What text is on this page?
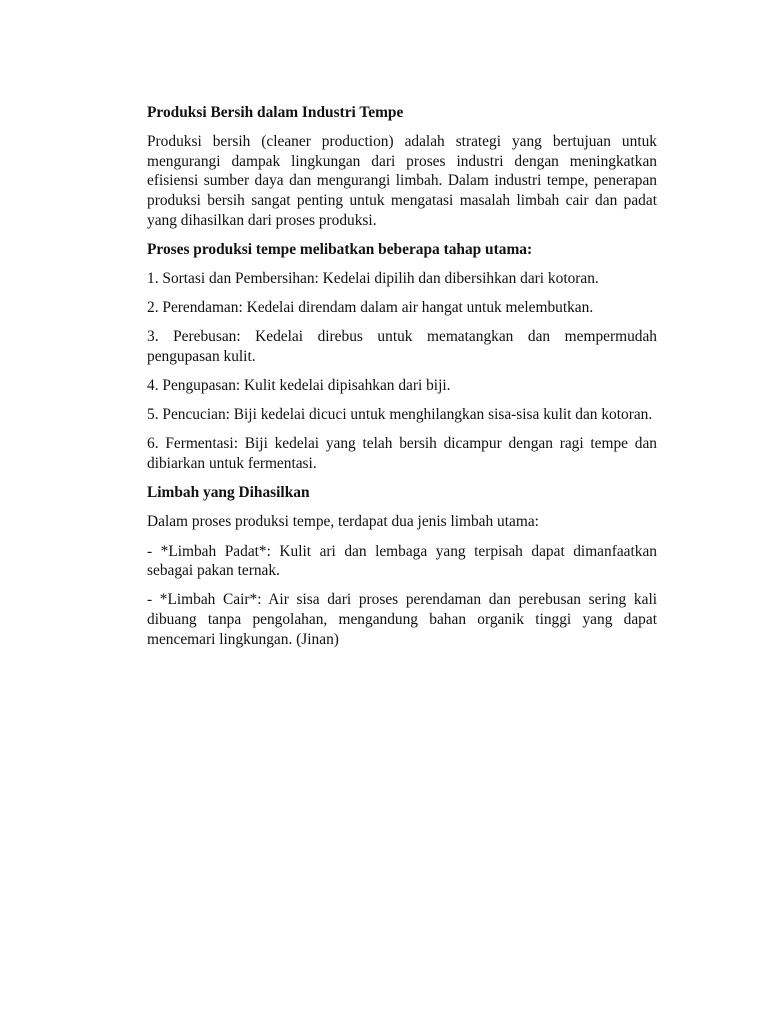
Produksi Bersih dalam Industri Tempe

Produksi bersih (cleaner production) adalah strategi yang bertujuan untuk mengurangi dampak lingkungan dari proses industri dengan meningkatkan efisiensi sumber daya dan mengurangi limbah. Dalam industri tempe, penerapan produksi bersih sangat penting untuk mengatasi masalah limbah cair dan padat yang dihasilkan dari proses produksi.

Proses produksi tempe melibatkan beberapa tahap utama:

1. Sortasi dan Pembersihan: Kedelai dipilih dan dibersihkan dari kotoran.

2. Perendaman: Kedelai direndam dalam air hangat untuk melembutkan.

3. Perebusan: Kedelai direbus untuk mematangkan dan mempermudah pengupasan kulit.

4. Pengupasan: Kulit kedelai dipisahkan dari biji.

5. Pencucian: Biji kedelai dicuci untuk menghilangkan sisa-sisa kulit dan kotoran.

6. Fermentasi: Biji kedelai yang telah bersih dicampur dengan ragi tempe dan dibiarkan untuk fermentasi.

Limbah yang Dihasilkan

Dalam proses produksi tempe, terdapat dua jenis limbah utama:

- *Limbah Padat*: Kulit ari dan lembaga yang terpisah dapat dimanfaatkan sebagai pakan ternak.

- *Limbah Cair*: Air sisa dari proses perendaman dan perebusan sering kali dibuang tanpa pengolahan, mengandung bahan organik tinggi yang dapat mencemari lingkungan. (Jinan)
